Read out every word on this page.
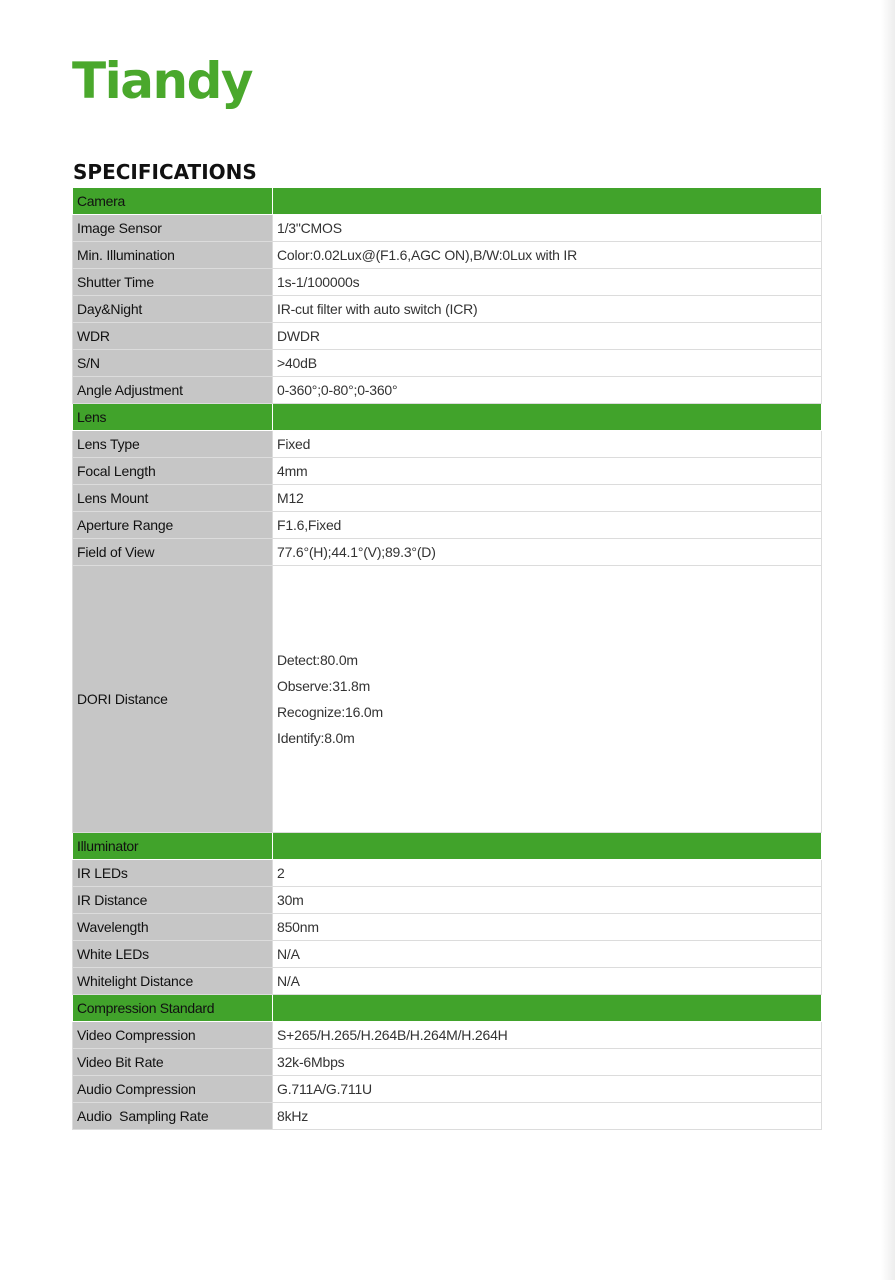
Tiandy
SPECIFICATIONS
Camera	
Image Sensor	1/3"CMOS
Min. Illumination	Color:0.02Lux@(F1.6,AGC ON),B/W:0Lux with IR
Shutter Time	1s-1/100000s
Day&Night	IR-cut filter with auto switch (ICR)
WDR	DWDR
S/N	>40dB
Angle Adjustment	0-360°;0-80°;0-360°
Lens	
Lens Type	Fixed
Focal Length	4mm
Lens Mount	M12
Aperture Range	F1.6,Fixed
Field of View	77.6°(H);44.1°(V);89.3°(D)
DORI Distance	Detect:80.0m
Observe:31.8m
Recognize:16.0m
Identify:8.0m

Illuminator	
IR LEDs	2
IR Distance	30m
Wavelength	850nm
White LEDs	N/A
Whitelight Distance	N/A
Compression Standard	
Video Compression	S+265/H.265/H.264B/H.264M/H.264H
Video Bit Rate	32k-6Mbps
Audio Compression	G.711A/G.711U
Audio  Sampling Rate	8kHz
